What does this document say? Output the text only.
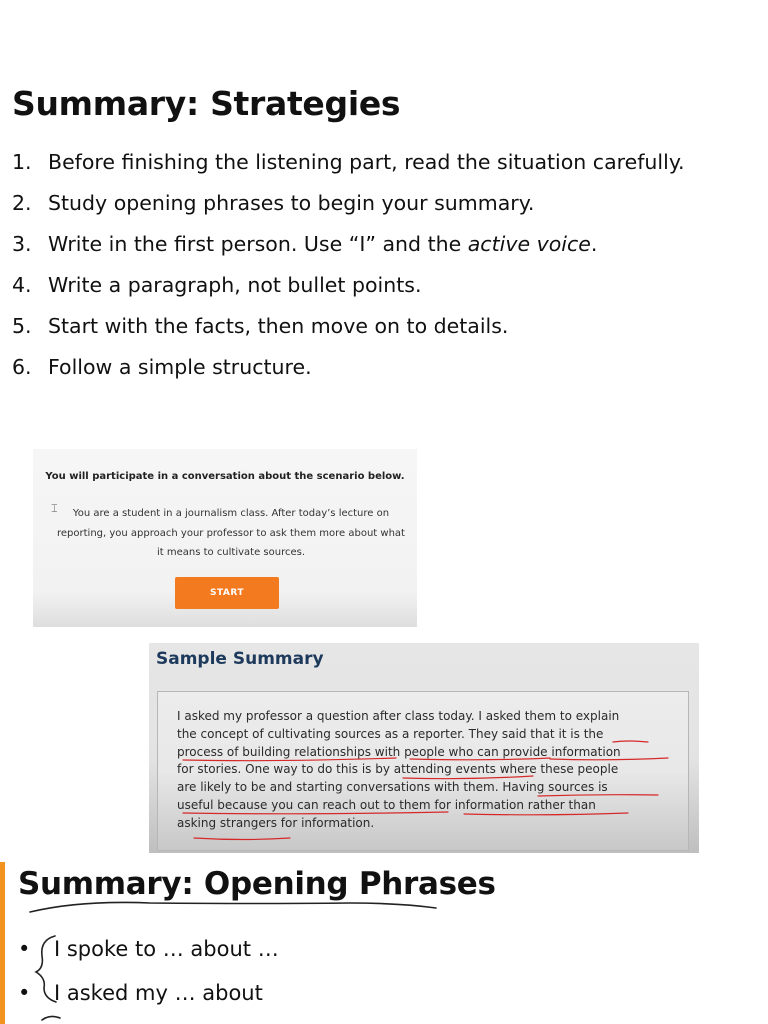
Summary: Strategies
1. Before finishing the listening part, read the situation carefully.
2. Study opening phrases to begin your summary.
3. Write in the first person. Use “I” and the active voice.
4. Write a paragraph, not bullet points.
5. Start with the facts, then move on to details.
6. Follow a simple structure.
You will participate in a conversation about the scenario below.
⌶	You are a student in a journalism class. After today’s lecture on reporting, you approach your professor to ask them more about what it means to cultivate sources.
START
Sample Summary

I asked my professor a question after class today. I asked them to explain
the concept of cultivating sources as a reporter. They said that it is the
process of building relationships with people who can provide information
for stories. One way to do this is by attending events where these people
are likely to be and starting conversations with them. Having sources is
useful because you can reach out to them for information rather than
asking strangers for information.

Summary: Opening Phrases
• I spoke to … about …
• I asked my … about
